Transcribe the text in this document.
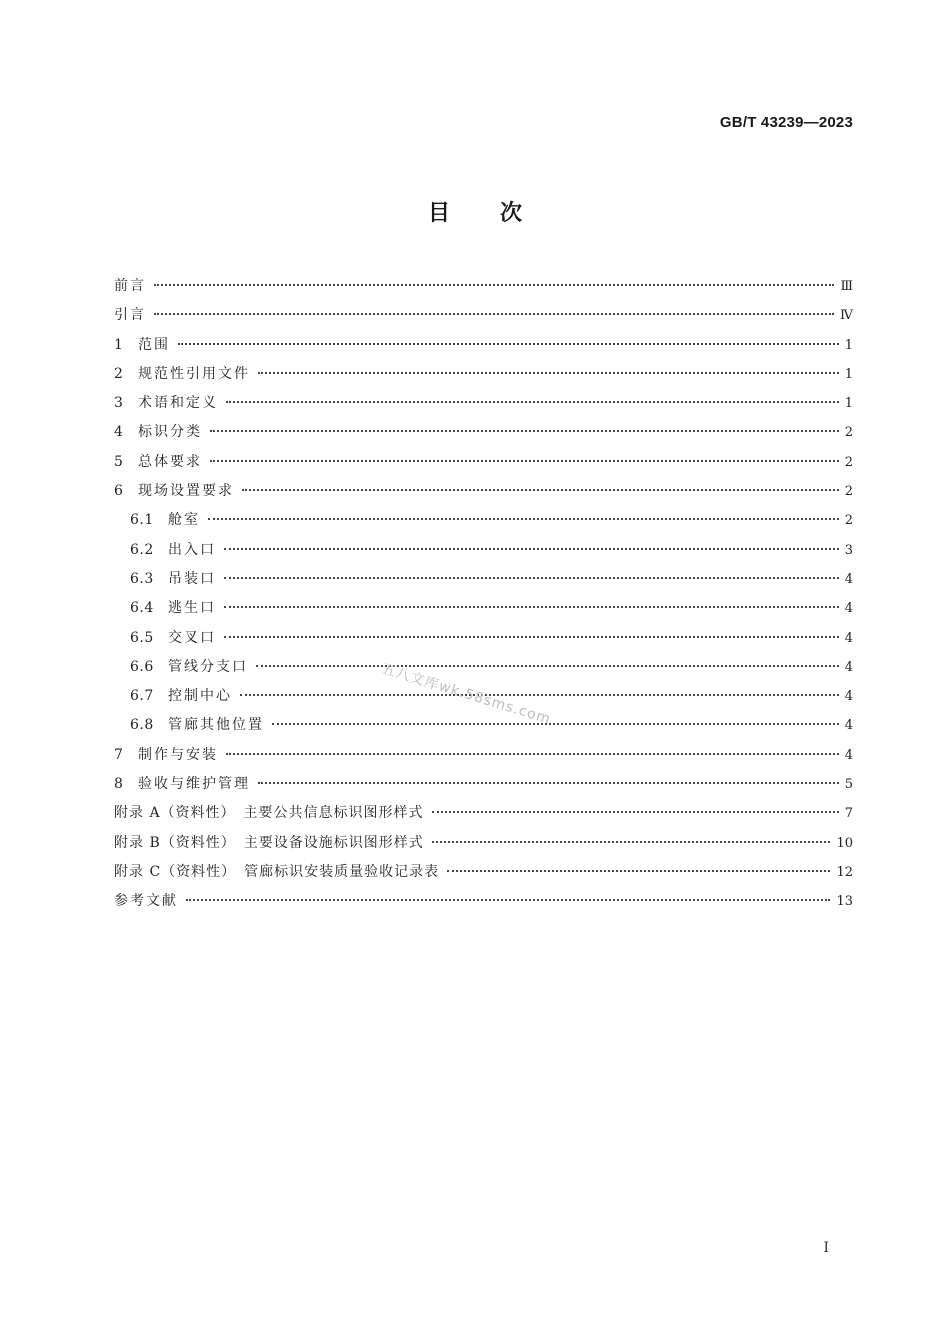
GB/T 43239—2023
目 次
前言	Ⅲ
引言	Ⅳ
1	范围	1
2	规范性引用文件	1
3	术语和定义	1
4	标识分类	2
5	总体要求	2
6	现场设置要求	2
6.1	舱室	2
6.2	出入口	3
6.3	吊装口	4
6.4	逃生口	4
6.5	交叉口	4
6.6	管线分支口	4
6.7	控制中心	4
6.8	管廊其他位置	4
7	制作与安装	4
8	验收与维护管理	5
附录 A（资料性）　主要公共信息标识图形样式	7
附录 B（资料性）　主要设备设施标识图形样式	10
附录 C（资料性）　管廊标识安装质量验收记录表	12
参考文献	13
五八文库wk.58sms.com
I
